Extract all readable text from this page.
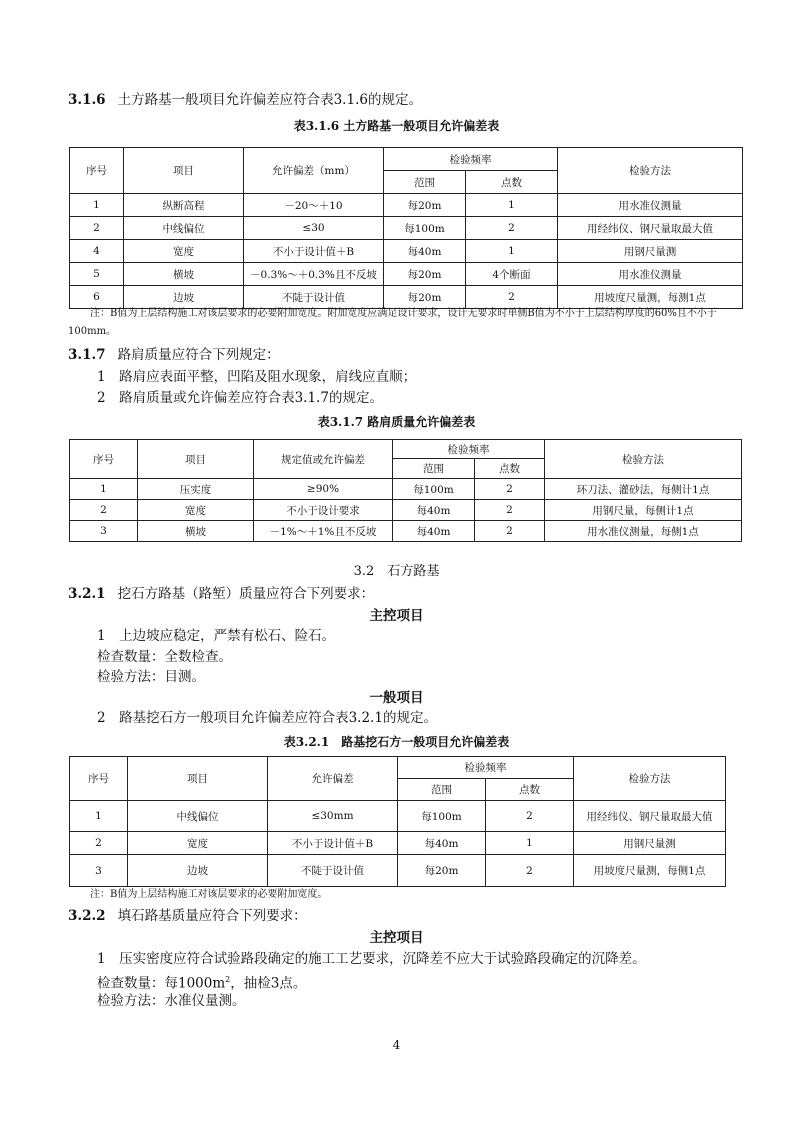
3.1.6 土方路基一般项目允许偏差应符合表3.1.6的规定。
表3.1.6 土方路基一般项目允许偏差表
序号	项目	允许偏差（mm）	检验频率		检验方法
			范围	点数	
1	纵断高程	－20～＋10	每20m	1	用水准仪测量
2	中线偏位	≤30	每100m	2	用经纬仪、钢尺量取最大值
4	宽度	不小于设计值＋B	每40m	1	用钢尺量测
5	横坡	－0.3%～＋0.3%且不反坡	每20m	4个断面	用水准仪测量
6	边坡	不陡于设计值	每20m	2	用坡度尺量测，每测1点
注：B值为上层结构施工对该层要求的必要附加宽度。附加宽度应满足设计要求，设计无要求时单侧B值为不小于上层结构厚度的60%且不小于
100mm。
3.1.7 路肩质量应符合下列规定：
1　路肩应表面平整，凹陷及阻水现象，肩线应直顺；
2　路肩质量或允许偏差应符合表3.1.7的规定。
表3.1.7 路肩质量允许偏差表
序号	项目	规定值或允许偏差	检验频率		检验方法
			范围	点数	
1	压实度	≥90%	每100m	2	环刀法、灌砂法，每侧计1点
2	宽度	不小于设计要求	每40m	2	用钢尺量，每侧计1点
3	横坡	－1%～＋1%且不反坡	每40m	2	用水准仪测量，每侧1点
3.2　石方路基
3.2.1 挖石方路基（路堑）质量应符合下列要求：
主控项目
1　上边坡应稳定，严禁有松石、险石。
检查数量：全数检查。
检验方法：目测。
一般项目
2　路基挖石方一般项目允许偏差应符合表3.2.1的规定。
表3.2.1　路基挖石方一般项目允许偏差表
序号	项目	允许偏差	检验频率		检验方法
			范围	点数	
1	中线偏位	≤30mm	每100m	2	用经纬仪、钢尺量取最大值
2	宽度	不小于设计值＋B	每40m	1	用钢尺量测
3	边坡	不陡于设计值	每20m	2	用坡度尺量测，每侧1点
注：B值为上层结构施工对该层要求的必要附加宽度。
3.2.2 填石路基质量应符合下列要求：
主控项目
1　压实密度应符合试验路段确定的施工工艺要求，沉降差不应大于试验路段确定的沉降差。
检查数量：每$1000m^2$，抽检3点。
检验方法：水准仪量测。
4
